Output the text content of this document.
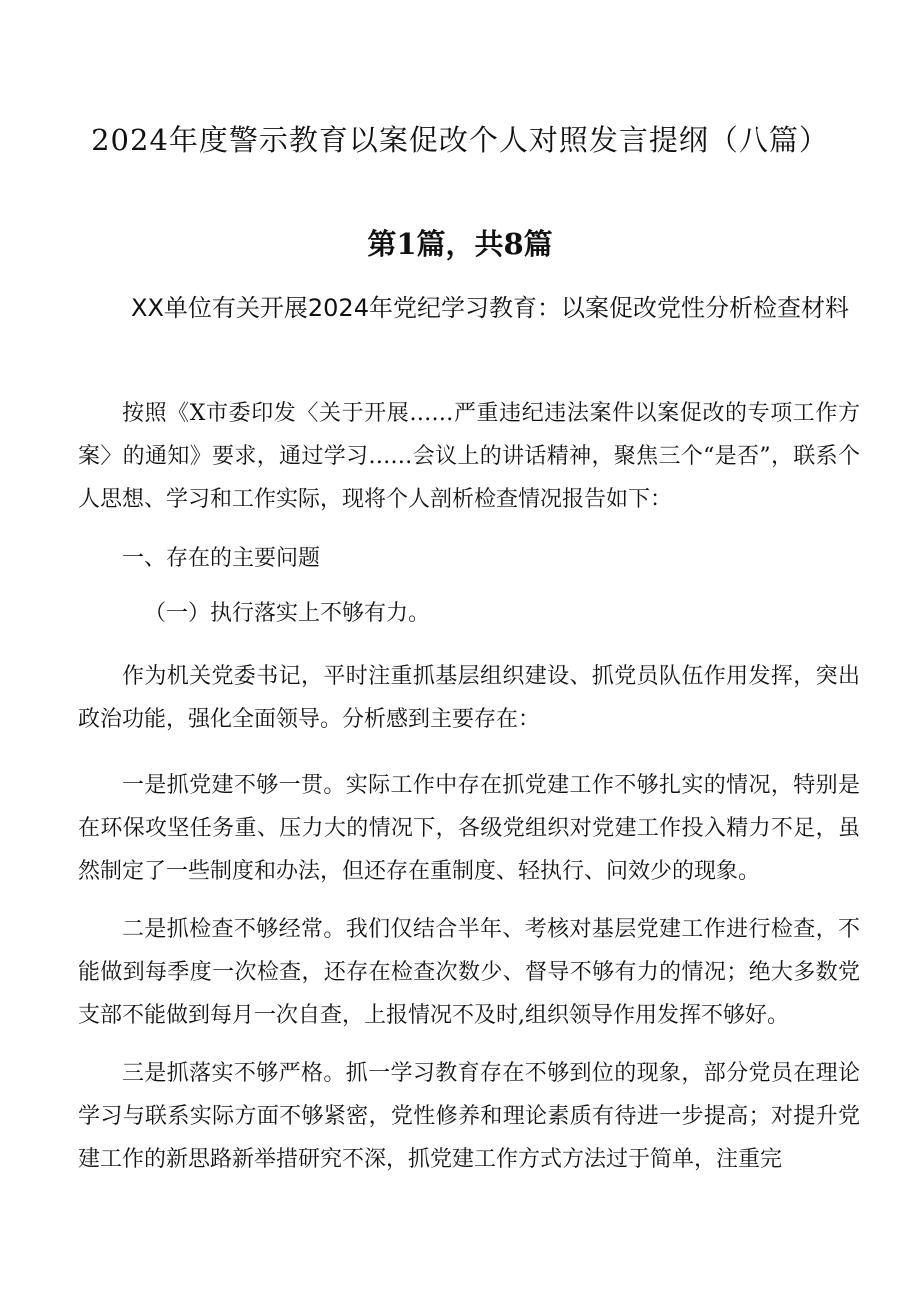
2024年度警示教育以案促改个人对照发言提纲（八篇）
第1篇，共8篇
XX单位有关开展2024年党纪学习教育：以案促改党性分析检查材料

按照《X市委印发〈关于开展……严重违纪违法案件以案促改的专项工作方案〉的通知》要求，通过学习……会议上的讲话精神，聚焦三个“是否”，联系个人思想、学习和工作实际，现将个人剖析检查情况报告如下：

一、存在的主要问题

（一）执行落实上不够有力。

作为机关党委书记，平时注重抓基层组织建设、抓党员队伍作用发挥，突出政治功能，强化全面领导。分析感到主要存在：

一是抓党建不够一贯。实际工作中存在抓党建工作不够扎实的情况，特别是在环保攻坚任务重、压力大的情况下，各级党组织对党建工作投入精力不足，虽然制定了一些制度和办法，但还存在重制度、轻执行、问效少的现象。

二是抓检查不够经常。我们仅结合半年、考核对基层党建工作进行检查，不能做到每季度一次检查，还存在检查次数少、督导不够有力的情况；绝大多数党支部不能做到每月一次自查，上报情况不及时,组织领导作用发挥不够好。

三是抓落实不够严格。抓一学习教育存在不够到位的现象，部分党员在理论学习与联系实际方面不够紧密，党性修养和理论素质有待进一步提高；对提升党建工作的新思路新举措研究不深，抓党建工作方式方法过于简单，注重完
